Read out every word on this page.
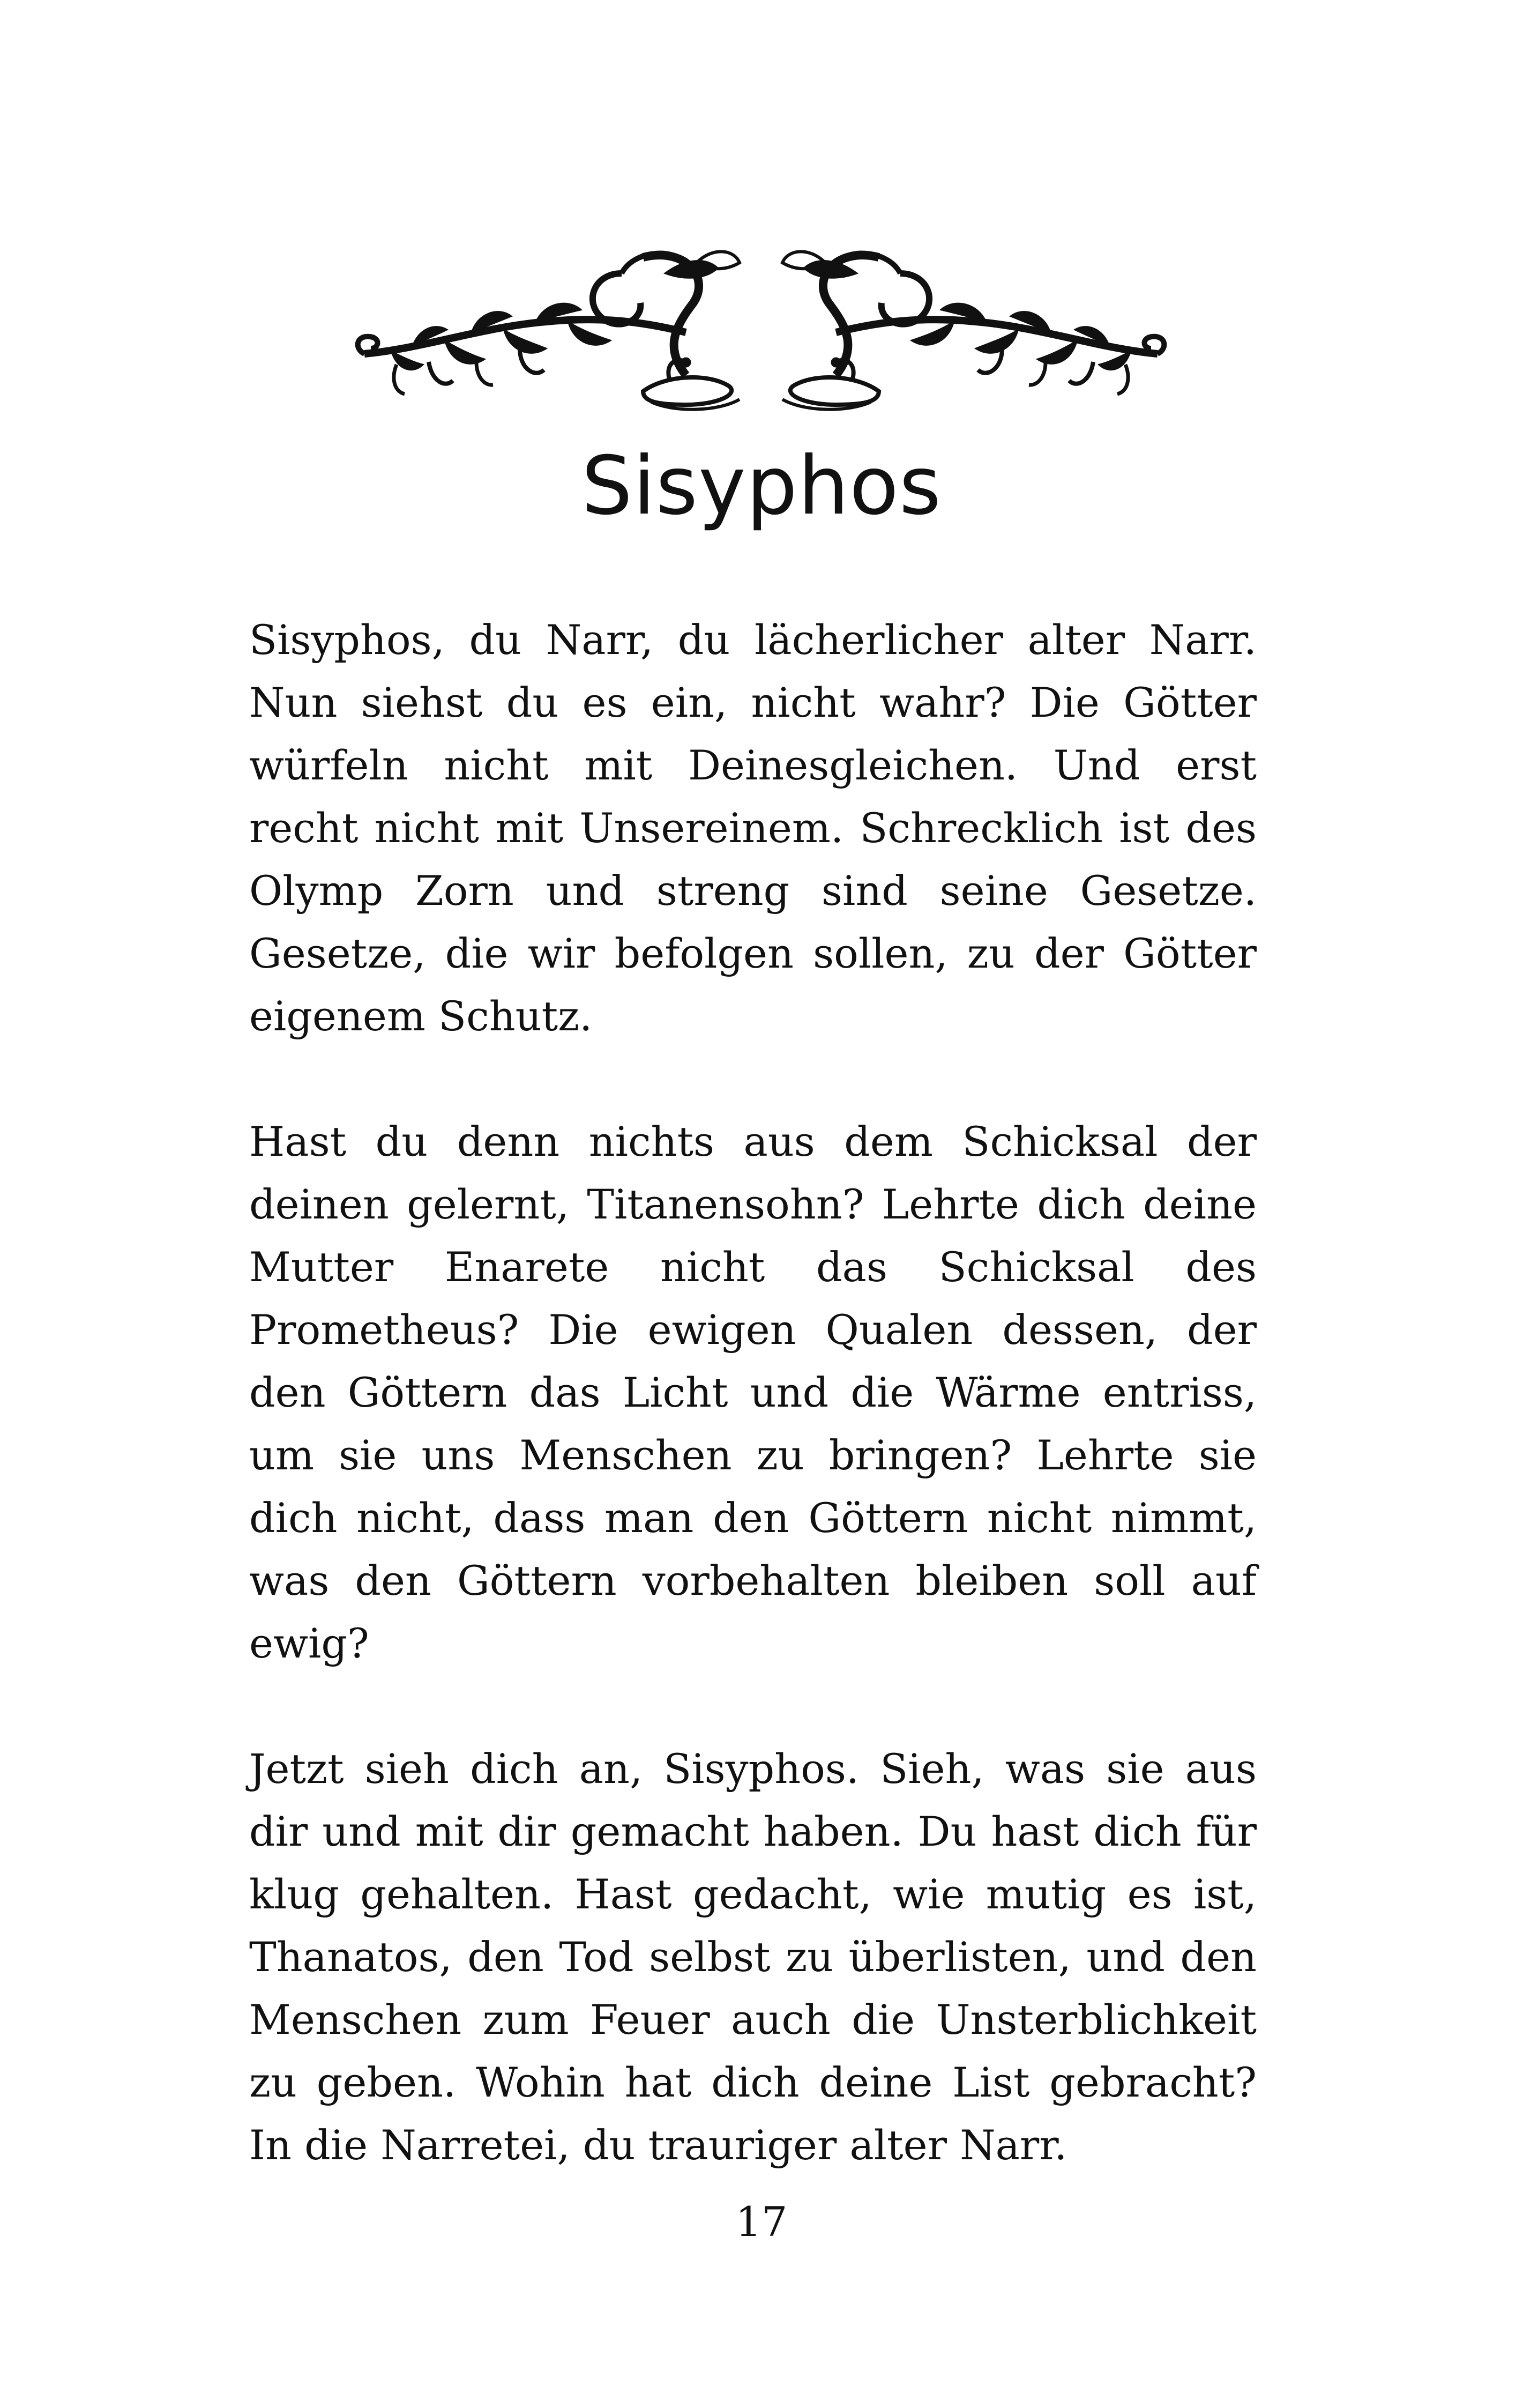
Sisyphos

Sisyphos, du Narr, du lächerlicher alter Narr. Nun siehst du es ein, nicht wahr? Die Götter würfeln nicht mit Deinesgleichen. Und erst recht nicht mit Unsereinem. Schrecklich ist des Olymp Zorn und streng sind seine Gesetze. Gesetze, die wir befolgen sollen, zu der Götter eigenem Schutz.

Hast du denn nichts aus dem Schicksal der deinen gelernt, Titanensohn? Lehrte dich deine Mutter Enarete nicht das Schicksal des Prometheus? Die ewigen Qualen dessen, der den Göttern das Licht und die Wärme entriss, um sie uns Menschen zu bringen? Lehrte sie dich nicht, dass man den Göttern nicht nimmt, was den Göttern vorbehalten bleiben soll auf ewig?

Jetzt sieh dich an, Sisyphos. Sieh, was sie aus dir und mit dir gemacht haben. Du hast dich für klug gehalten. Hast gedacht, wie mutig es ist, Thanatos, den Tod selbst zu überlisten, und den Menschen zum Feuer auch die Unsterblichkeit zu geben. Wohin hat dich deine List gebracht? In die Narretei, du trauriger alter Narr.

17
